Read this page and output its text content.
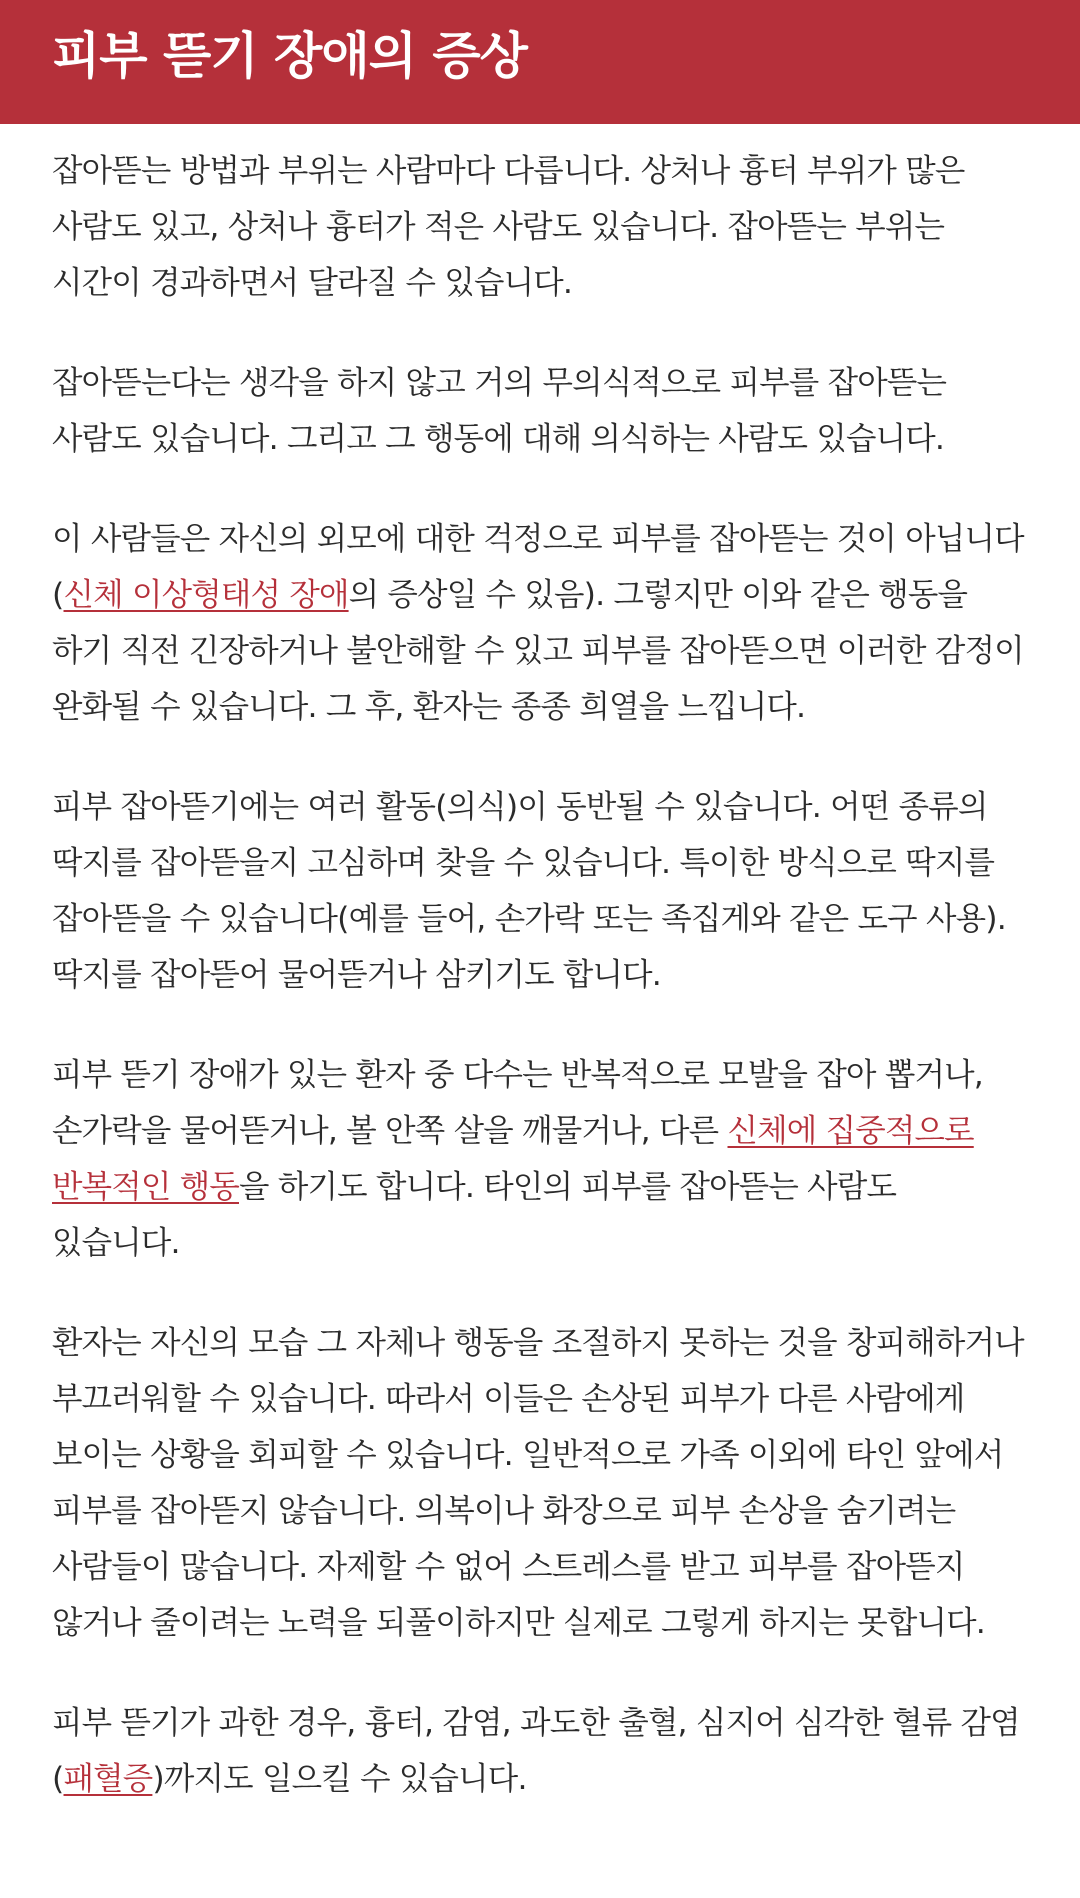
피부 뜯기 장애의 증상

잡아뜯는 방법과 부위는 사람마다 다릅니다. 상처나 흉터 부위가 많은 사람도 있고, 상처나 흉터가 적은 사람도 있습니다. 잡아뜯는 부위는 시간이 경과하면서 달라질 수 있습니다.

잡아뜯는다는 생각을 하지 않고 거의 무의식적으로 피부를 잡아뜯는 사람도 있습니다. 그리고 그 행동에 대해 의식하는 사람도 있습니다.

이 사람들은 자신의 외모에 대한 걱정으로 피부를 잡아뜯는 것이 아닙니다(신체 이상형태성 장애의 증상일 수 있음). 그렇지만 이와 같은 행동을 하기 직전 긴장하거나 불안해할 수 있고 피부를 잡아뜯으면 이러한 감정이 완화될 수 있습니다. 그 후, 환자는 종종 희열을 느낍니다.

피부 잡아뜯기에는 여러 활동(의식)이 동반될 수 있습니다. 어떤 종류의 딱지를 잡아뜯을지 고심하며 찾을 수 있습니다. 특이한 방식으로 딱지를 잡아뜯을 수 있습니다(예를 들어, 손가락 또는 족집게와 같은 도구 사용). 딱지를 잡아뜯어 물어뜯거나 삼키기도 합니다.

피부 뜯기 장애가 있는 환자 중 다수는 반복적으로 모발을 잡아 뽑거나, 손가락을 물어뜯거나, 볼 안쪽 살을 깨물거나, 다른 신체에 집중적으로 반복적인 행동을 하기도 합니다. 타인의 피부를 잡아뜯는 사람도 있습니다.

환자는 자신의 모습 그 자체나 행동을 조절하지 못하는 것을 창피해하거나 부끄러워할 수 있습니다. 따라서 이들은 손상된 피부가 다른 사람에게 보이는 상황을 회피할 수 있습니다. 일반적으로 가족 이외에 타인 앞에서 피부를 잡아뜯지 않습니다. 의복이나 화장으로 피부 손상을 숨기려는 사람들이 많습니다. 자제할 수 없어 스트레스를 받고 피부를 잡아뜯지 않거나 줄이려는 노력을 되풀이하지만 실제로 그렇게 하지는 못합니다.

피부 뜯기가 과한 경우, 흉터, 감염, 과도한 출혈, 심지어 심각한 혈류 감염(패혈증)까지도 일으킬 수 있습니다.
